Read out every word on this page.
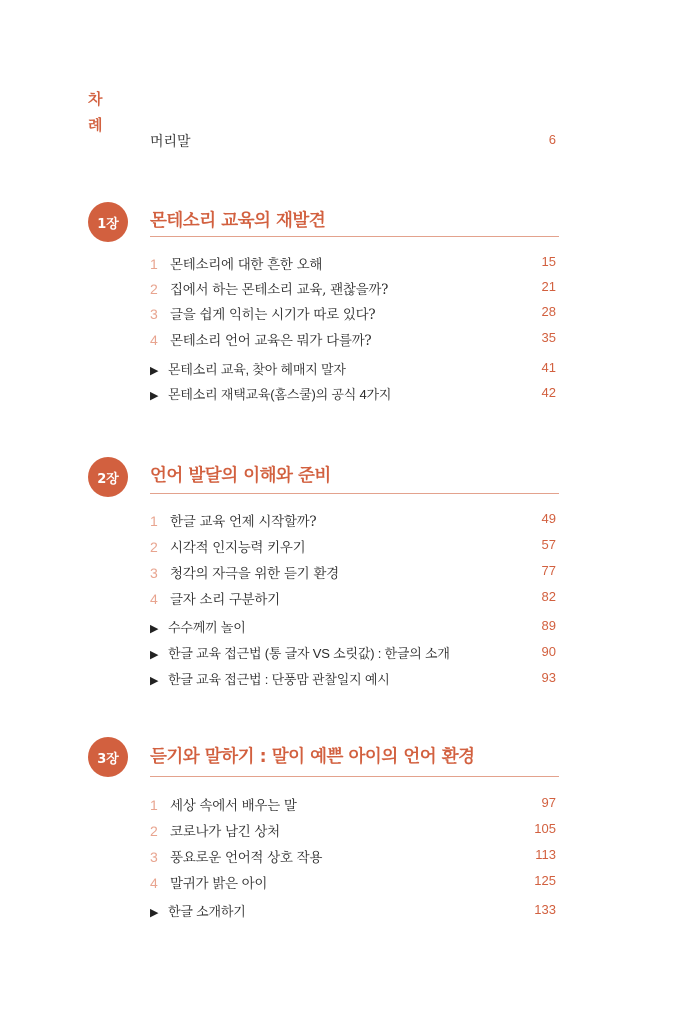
차
례
머리말	6
1장	몬테소리 교육의 재발견
1 몬테소리에 대한 흔한 오해	15
2 집에서 하는 몬테소리 교육, 괜찮을까?	21
3 글을 쉽게 익히는 시기가 따로 있다?	28
4 몬테소리 언어 교육은 뭐가 다를까?	35
▶ 몬테소리 교육, 찾아 헤매지 말자	41
▶ 몬테소리 재택교육(홈스쿨)의 공식 4가지	42
2장	언어 발달의 이해와 준비
1 한글 교육 언제 시작할까?	49
2 시각적 인지능력 키우기	57
3 청각의 자극을 위한 듣기 환경	77
4 글자 소리 구분하기	82
▶ 수수께끼 놀이	89
▶ 한글 교육 접근법 (통 글자 VS 소릿값) : 한글의 소개	90
▶ 한글 교육 접근법 : 단풍맘 관찰일지 예시	93
3장	듣기와 말하기 : 말이 예쁜 아이의 언어 환경
1 세상 속에서 배우는 말	97
2 코로나가 남긴 상처	105
3 풍요로운 언어적 상호 작용	113
4 말귀가 밝은 아이	125
▶ 한글 소개하기	133
